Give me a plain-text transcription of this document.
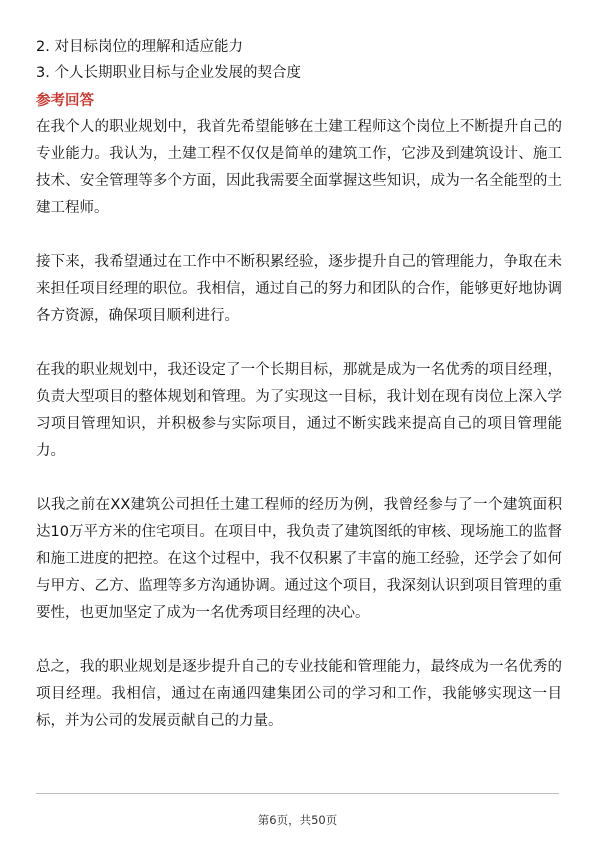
2. 对目标岗位的理解和适应能力

3. 个人长期职业目标与企业发展的契合度

参考回答

在我个人的职业规划中，我首先希望能够在土建工程师这个岗位上不断提升自己的专业能力。我认为，土建工程不仅仅是简单的建筑工作，它涉及到建筑设计、施工技术、安全管理等多个方面，因此我需要全面掌握这些知识，成为一名全能型的土建工程师。

接下来，我希望通过在工作中不断积累经验，逐步提升自己的管理能力，争取在未来担任项目经理的职位。我相信，通过自己的努力和团队的合作，能够更好地协调各方资源，确保项目顺利进行。

在我的职业规划中，我还设定了一个长期目标，那就是成为一名优秀的项目经理，负责大型项目的整体规划和管理。为了实现这一目标，我计划在现有岗位上深入学习项目管理知识，并积极参与实际项目，通过不断实践来提高自己的项目管理能力。

以我之前在XX建筑公司担任土建工程师的经历为例，我曾经参与了一个建筑面积达10万平方米的住宅项目。在项目中，我负责了建筑图纸的审核、现场施工的监督和施工进度的把控。在这个过程中，我不仅积累了丰富的施工经验，还学会了如何与甲方、乙方、监理等多方沟通协调。通过这个项目，我深刻认识到项目管理的重要性，也更加坚定了成为一名优秀项目经理的决心。

总之，我的职业规划是逐步提升自己的专业技能和管理能力，最终成为一名优秀的项目经理。我相信，通过在南通四建集团公司的学习和工作，我能够实现这一目标，并为公司的发展贡献自己的力量。

第6页，共50页
